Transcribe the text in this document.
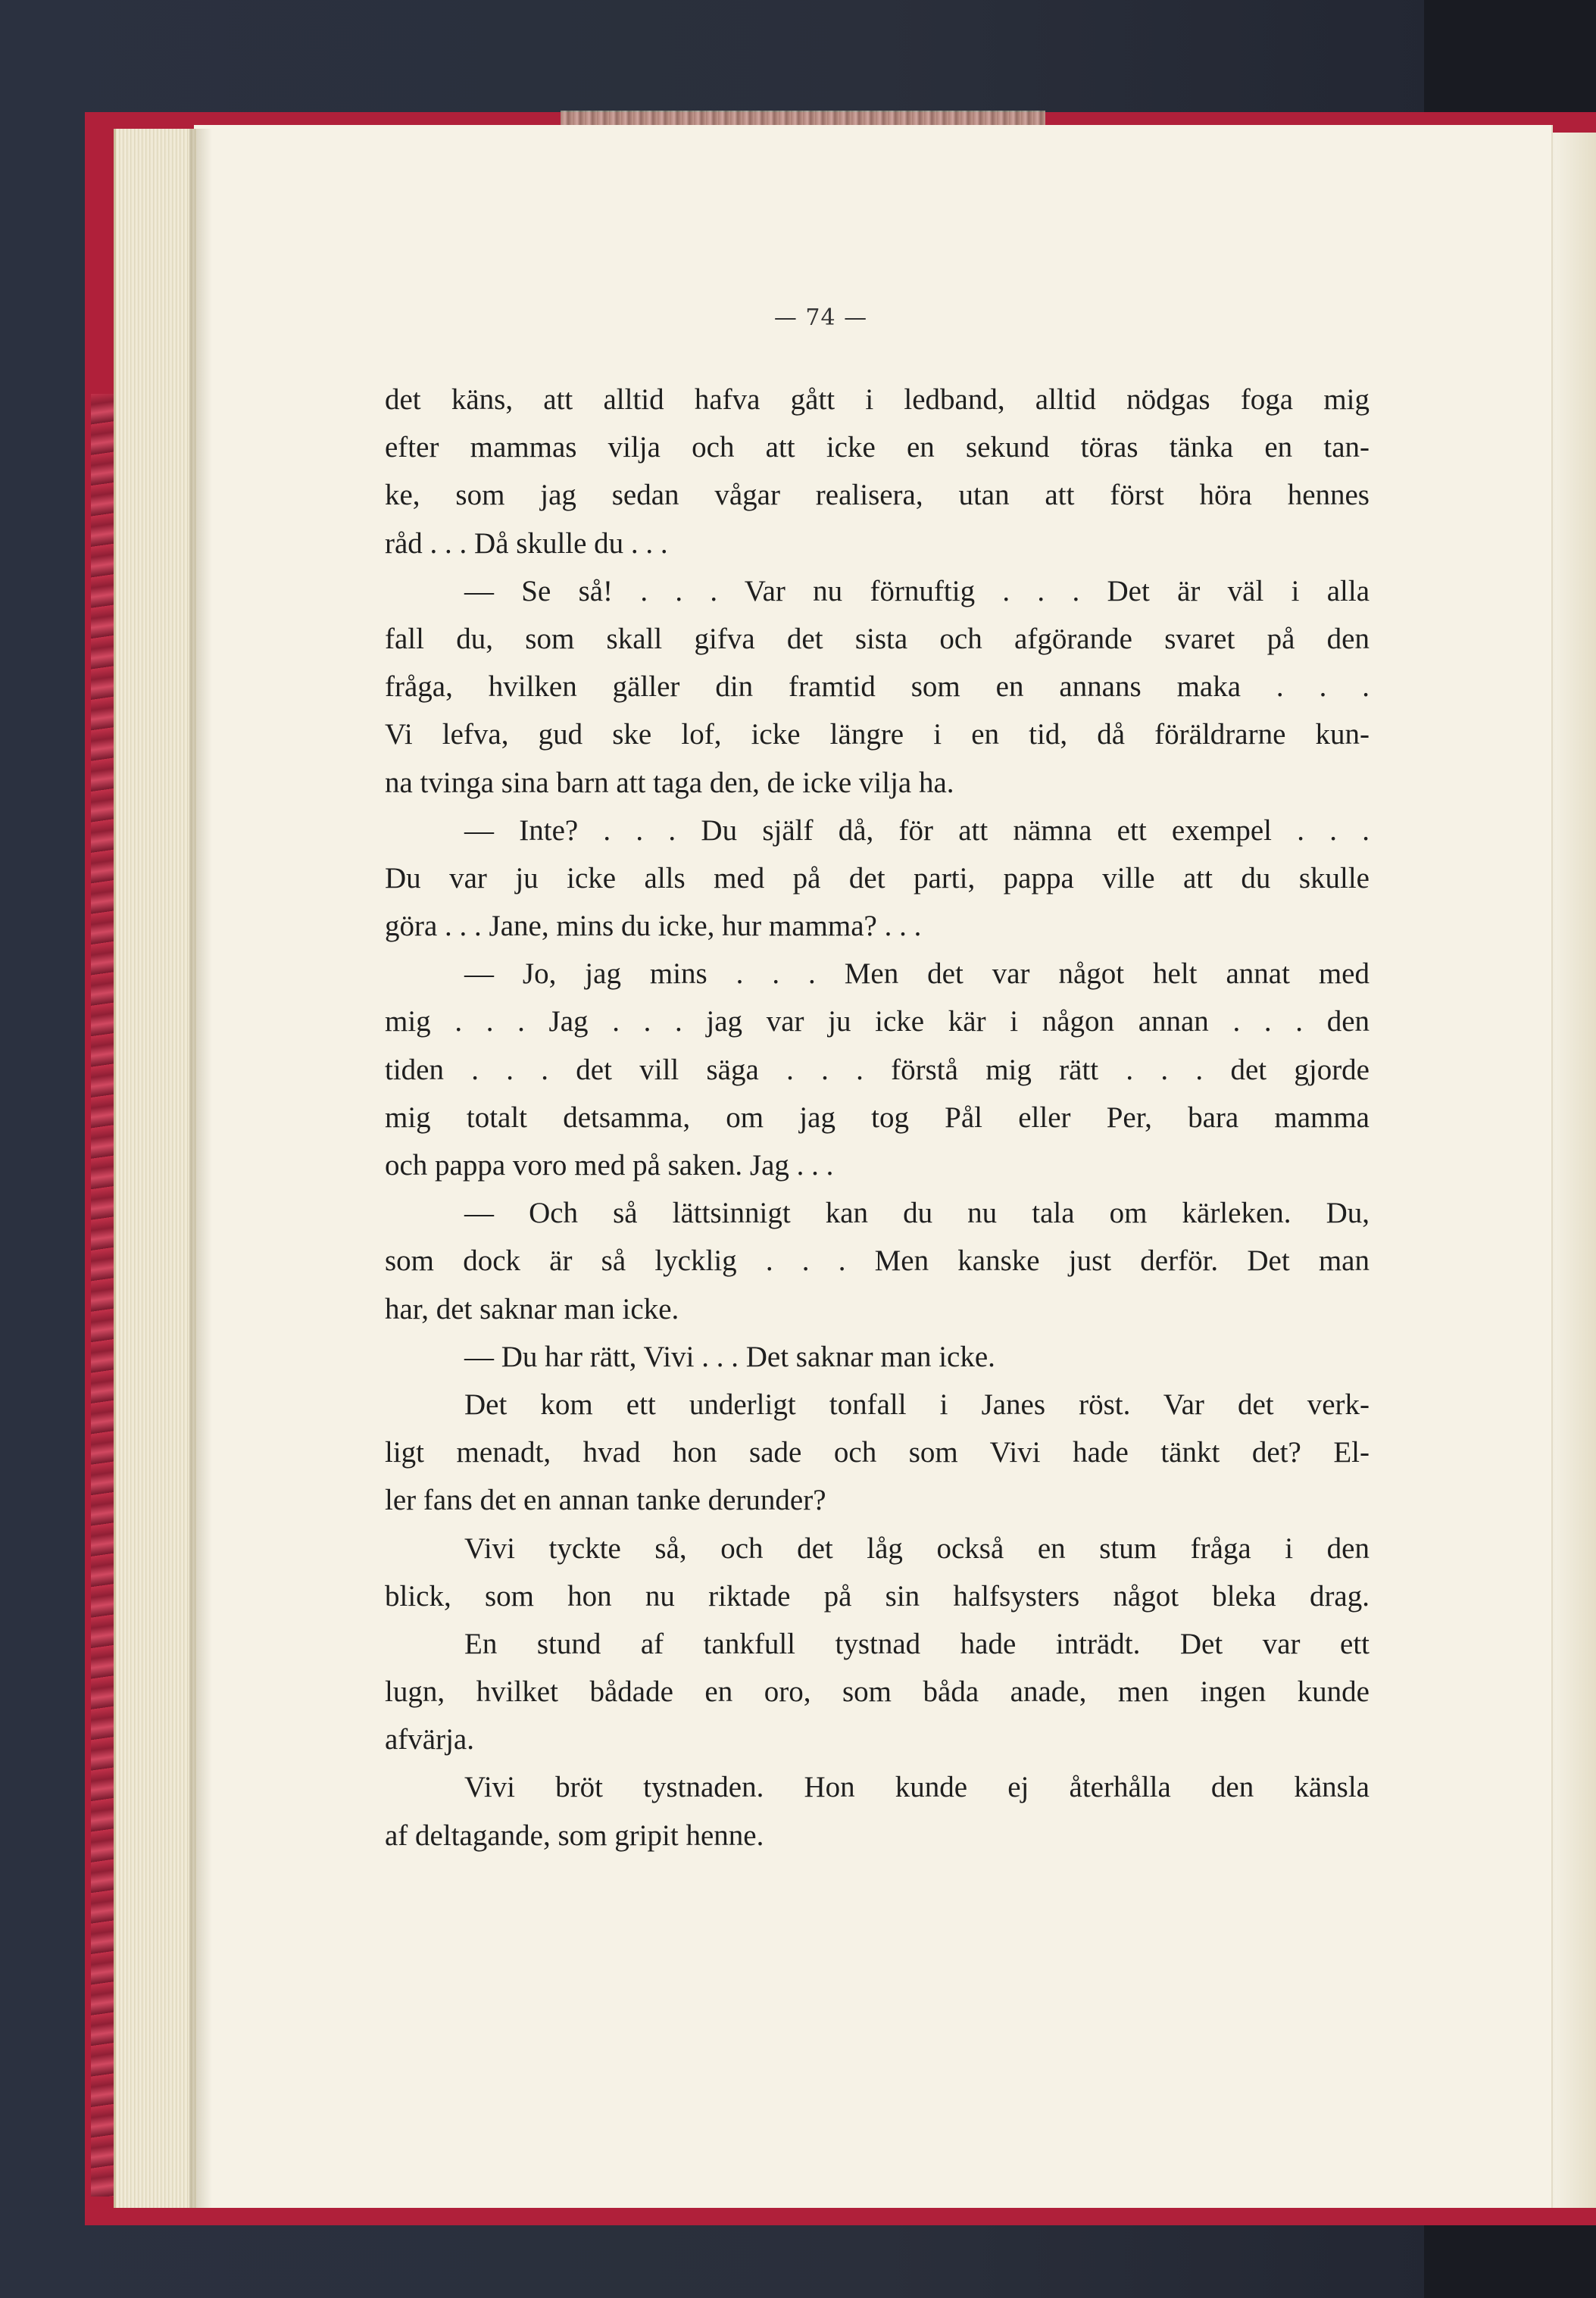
— 74 —
det käns, att alltid hafva gått i ledband, alltid nödgas foga mig
efter mammas vilja och att icke en sekund töras tänka en tan-
ke, som jag sedan vågar realisera, utan att först höra hennes
råd . . . Då skulle du . . .
— Se så! . . . Var nu förnuftig . . . Det är väl i alla
fall du, som skall gifva det sista och afgörande svaret på den
fråga, hvilken gäller din framtid som en annans maka . . .
Vi lefva, gud ske lof, icke längre i en tid, då föräldrarne kun-
na tvinga sina barn att taga den, de icke vilja ha.
— Inte? . . . Du själf då, för att nämna ett exempel . . .
Du var ju icke alls med på det parti, pappa ville att du skulle
göra . . . Jane, mins du icke, hur mamma? . . .
— Jo, jag mins . . . Men det var något helt annat med
mig . . . Jag . . . jag var ju icke kär i någon annan . . . den
tiden . . . det vill säga . . . förstå mig rätt . . . det gjorde
mig totalt detsamma, om jag tog Pål eller Per, bara mamma
och pappa voro med på saken. Jag . . .
— Och så lättsinnigt kan du nu tala om kärleken. Du,
som dock är så lycklig . . . Men kanske just derför. Det man
har, det saknar man icke.
— Du har rätt, Vivi . . . Det saknar man icke.
Det kom ett underligt tonfall i Janes röst. Var det verk-
ligt menadt, hvad hon sade och som Vivi hade tänkt det? El-
ler fans det en annan tanke derunder?
Vivi tyckte så, och det låg också en stum fråga i den
blick, som hon nu riktade på sin halfsysters något bleka drag.
En stund af tankfull tystnad hade inträdt. Det var ett
lugn, hvilket bådade en oro, som båda anade, men ingen kunde
afvärja.
Vivi bröt tystnaden. Hon kunde ej återhålla den känsla
af deltagande, som gripit henne.
